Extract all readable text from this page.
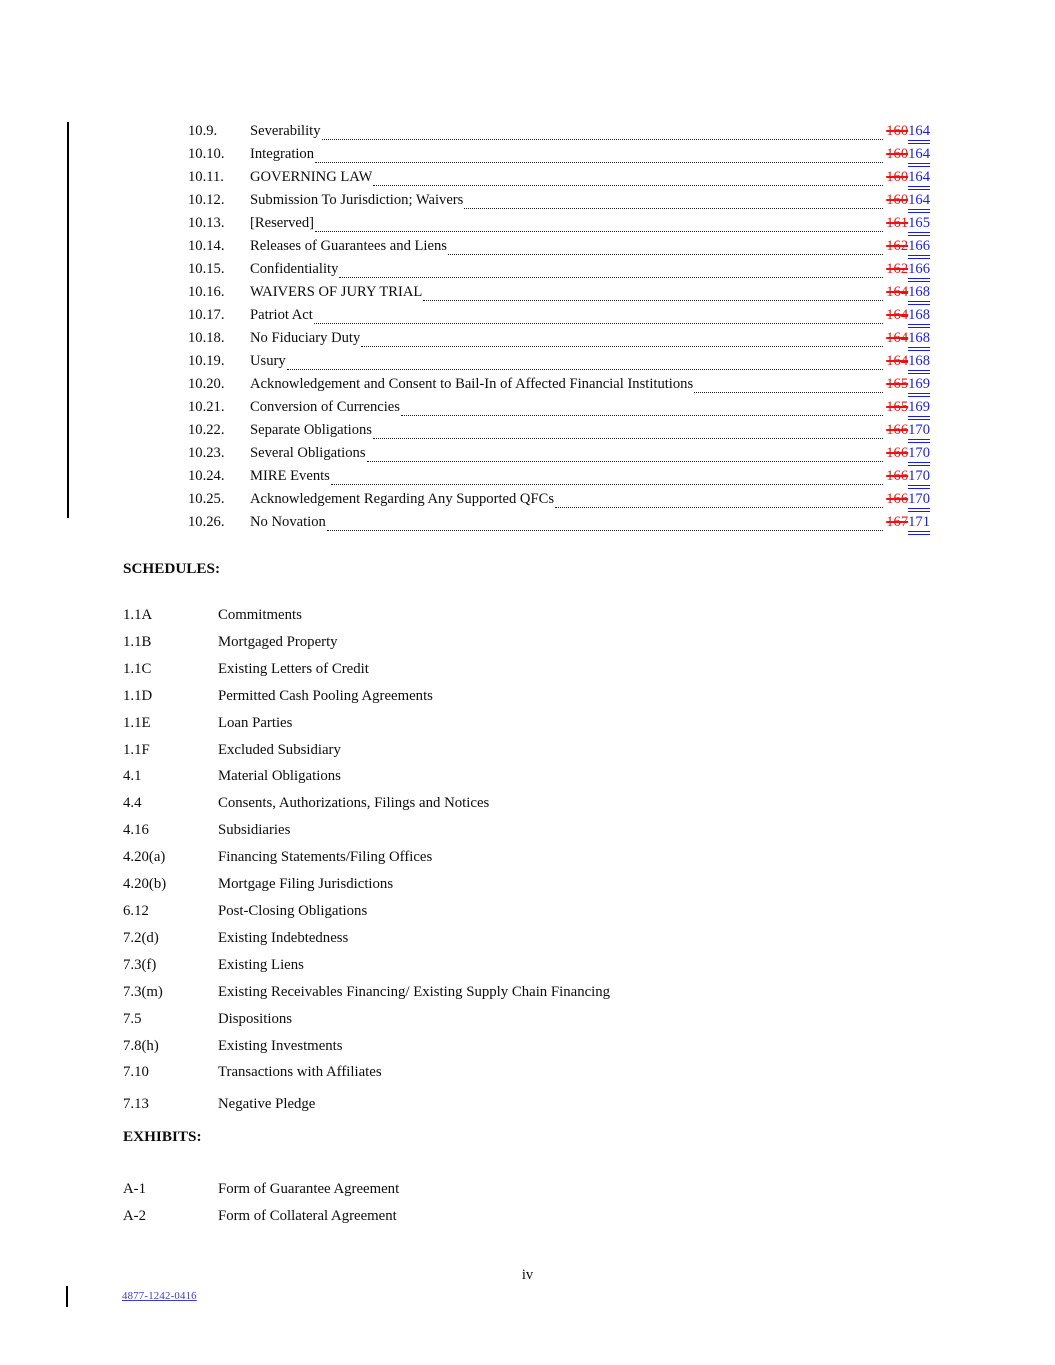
10.9.	Severability	160164
10.10.	Integration	160164
10.11.	GOVERNING LAW	160164
10.12.	Submission To Jurisdiction; Waivers	160164
10.13.	[Reserved]	161165
10.14.	Releases of Guarantees and Liens	162166
10.15.	Confidentiality	162166
10.16.	WAIVERS OF JURY TRIAL	164168
10.17.	Patriot Act	164168
10.18.	No Fiduciary Duty	164168
10.19.	Usury	164168
10.20.	Acknowledgement and Consent to Bail-In of Affected Financial Institutions	165169
10.21.	Conversion of Currencies	165169
10.22.	Separate Obligations	166170
10.23.	Several Obligations	166170
10.24.	MIRE Events	166170
10.25.	Acknowledgement Regarding Any Supported QFCs	166170
10.26.	No Novation	167171
SCHEDULES:
1.1A	Commitments
1.1B	Mortgaged Property
1.1C	Existing Letters of Credit
1.1D	Permitted Cash Pooling Agreements
1.1E	Loan Parties
1.1F	Excluded Subsidiary
4.1	Material Obligations
4.4	Consents, Authorizations, Filings and Notices
4.16	Subsidiaries
4.20(a)	Financing Statements/Filing Offices
4.20(b)	Mortgage Filing Jurisdictions
6.12	Post-Closing Obligations
7.2(d)	Existing Indebtedness
7.3(f)	Existing Liens
7.3(m)	Existing Receivables Financing/ Existing Supply Chain Financing
7.5	Dispositions
7.8(h)	Existing Investments
7.10	Transactions with Affiliates
7.13	Negative Pledge
EXHIBITS:
A-1	Form of Guarantee Agreement
A-2	Form of Collateral Agreement
iv
4877-1242-0416
